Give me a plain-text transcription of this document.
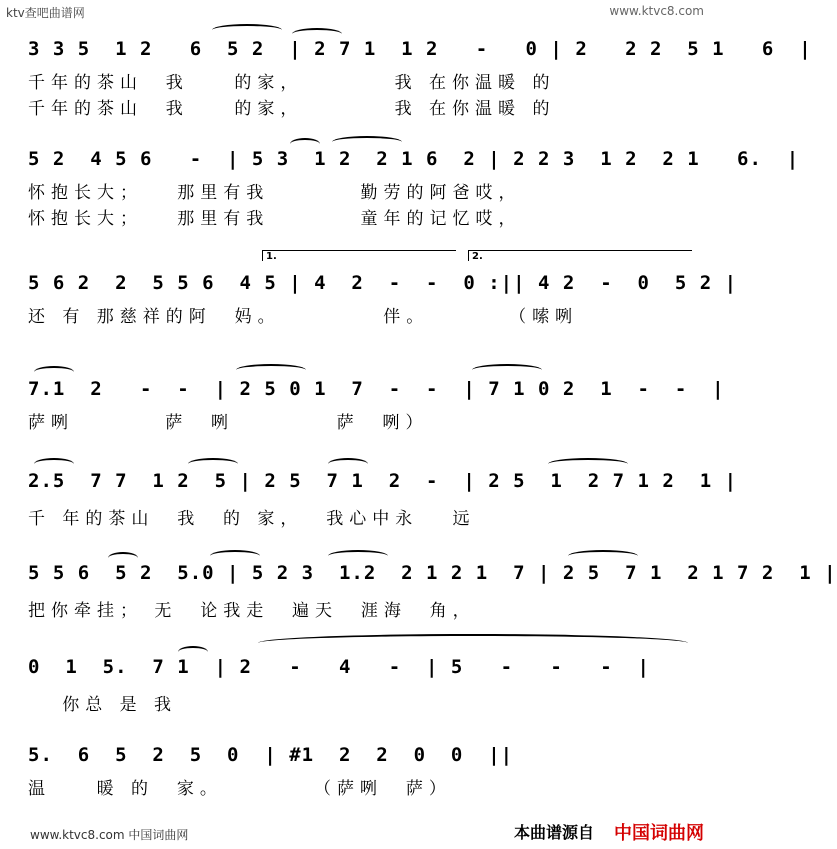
ktv查吧曲谱网	www.ktvc8.com
3 3 5  1 2   6  5 2  | 2 7 1  1 2   -   0 | 2   2 2  5 1   6  |
千年的茶山  我    的家，        我 在你温暖 的
千年的茶山  我    的家，        我 在你温暖 的
5 2  4 5 6   -  | 5 3  1 2  2 1 6  2 | 2 2 3  1 2  2 1   6.  |
怀抱长大；   那里有我        勤劳的阿爸哎，
怀抱长大；   那里有我        童年的记忆哎，
1.	2.
5 6 2  2  5 5 6  4 5 | 4  2  -  -  0 :|| 4 2  -  0  5 2 |
还 有 那慈祥的阿  妈。         伴。       （嗦咧
7.1  2   -  -  | 2 5 0 1  7  -  -  | 7 1 0 2  1  -  -  |
萨咧        萨  咧         萨  咧）
2.5  7 7  1 2  5 | 2 5  7 1  2  -  | 2 5  1  2 7 1 2  1 |
千 年的茶山  我  的 家，  我心中永   远
5 5 6  5 2  5.0 | 5 2 3  1.2  2 1 2 1  7 | 2 5  7 1  2 1 7 2  1 |
把你牵挂； 无  论我走  遍天  涯海  角，
0  1  5.  7 1  | 2   -   4   -  | 5   -   -   -  |
你总 是 我
5.  6  5  2  5  0  | #1  2  2  0  0  ||
温    暖 的  家。        （萨咧  萨）
www.ktvc8.com 中国词曲网	本曲谱源自 中国词曲网
